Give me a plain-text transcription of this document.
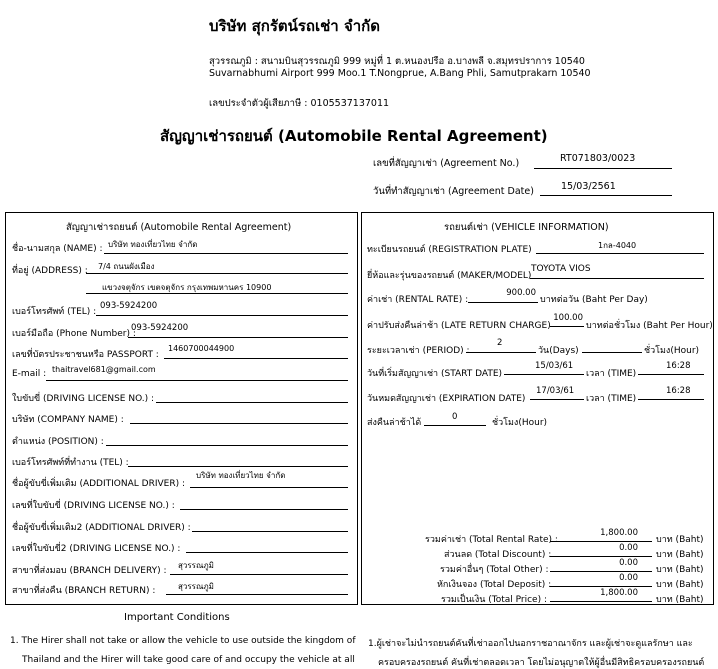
บริษัท สุกรัตน์รถเช่า จำกัด
สุวรรณภูมิ : สนามบินสุวรรณภูมิ 999 หมู่ที่ 1 ต.หนองปรือ อ.บางพลี จ.สมุทรปราการ 10540
Suvarnabhumi Airport 999 Moo.1 T.Nongprue, A.Bang Phli, Samutprakarn 10540
เลขประจำตัวผู้เสียภาษี : 0105537137011
สัญญาเช่ารถยนต์ (Automobile Rental Agreement)
เลขที่สัญญาเช่า (Agreement No.)	RT071803/0023
วันที่ทำสัญญาเช่า (Agreement Date)	15/03/2561
สัญญาเช่ารถยนต์ (Automobile Rental Agreement)
ชื่อ-นามสกุล (NAME) : บริษัท ทองเที่ยวไทย จำกัด
ที่อยู่ (ADDRESS) : 7/4 ถนนผังเมือง
แขวงจตุจักร เขตจตุจักร กรุงเทพมหานคร 10900
เบอร์โทรศัพท์ (TEL) :
093-5924200
เบอร์มือถือ (Phone Number) :
093-5924200
เลขที่บัตรประชาชนหรือ PASSPORT :
1460700044900
E-mail : thaitravel681@gmail.com
ใบขับขี่ (DRIVING LICENSE NO.) :
บริษัท (COMPANY NAME) :
ตำแหน่ง (POSITION) :
เบอร์โทรศัพท์ที่ทำงาน (TEL) :
ชื่อผู้ขับขี่เพิ่มเติม (ADDITIONAL DRIVER) :
บริษัท ทองเที่ยวไทย จำกัด
เลขที่ใบขับขี่ (DRIVING LICENSE NO.) :
ชื่อผู้ขับขี่เพิ่มเติม2 (ADDITIONAL DRIVER) :
เลขที่ใบขับขี่2 (DRIVING LICENSE NO.) :
สาขาที่ส่งมอบ (BRANCH DELIVERY) :
สุวรรณภูมิ
สาขาที่ส่งคืน (BRANCH RETURN) :	สุวรรณภูมิ
รถยนต์เช่า (VEHICLE INFORMATION)
ทะเบียนรถยนต์ (REGISTRATION PLATE)	1กล-4040
ยี่ห้อและรุ่นของรถยนต์ (MAKER/MODEL)
TOYOTA VIOS
ค่าเช่า (RENTAL RATE) :
900.00
บาทต่อวัน (Baht Per Day)
ค่าปรับส่งคืนล่าช้า (LATE RETURN CHARGE)
100.00
บาทต่อชั่วโมง (Baht Per Hour)
ระยะเวลาเช่า (PERIOD) :
2
วัน(Days)	ชั่วโมง(Hour)
วันที่เริ่มสัญญาเช่า (START DATE)
15/03/61
เวลา (TIME)
16:28
วันหมดสัญญาเช่า (EXPIRATION DATE)
17/03/61
เวลา (TIME)
16:28
ส่งคืนล่าช้าได้
0
ชั่วโมง(Hour)
รวมค่าเช่า (Total Rental Rate) :
1,800.00
บาท (Baht)
ส่วนลด (Total Discount) :
0.00
บาท (Baht)
รวมค่าอื่นๆ (Total Other) :
0.00
บาท (Baht)
หักเงินจอง (Total Deposit) :
0.00
บาท (Baht)
รวมเป็นเงิน (Total Price) :
1,800.00
บาท (Baht)
Important Conditions
1. The Hirer shall not take or allow the vehicle to use outside the kingdom of
Thailand and the Hirer will take good care of and occupy the vehicle at all
1.ผู้เช่าจะไม่นำรถยนต์คันที่เช่าออกไปนอกราชอาณาจักร และผู้เช่าจะดูแลรักษา และ
ครอบครองรถยนต์ คันที่เช่าตลอดเวลา โดยไม่อนุญาตให้ผู้อื่นมีสิทธิครอบครองรถยนต์
